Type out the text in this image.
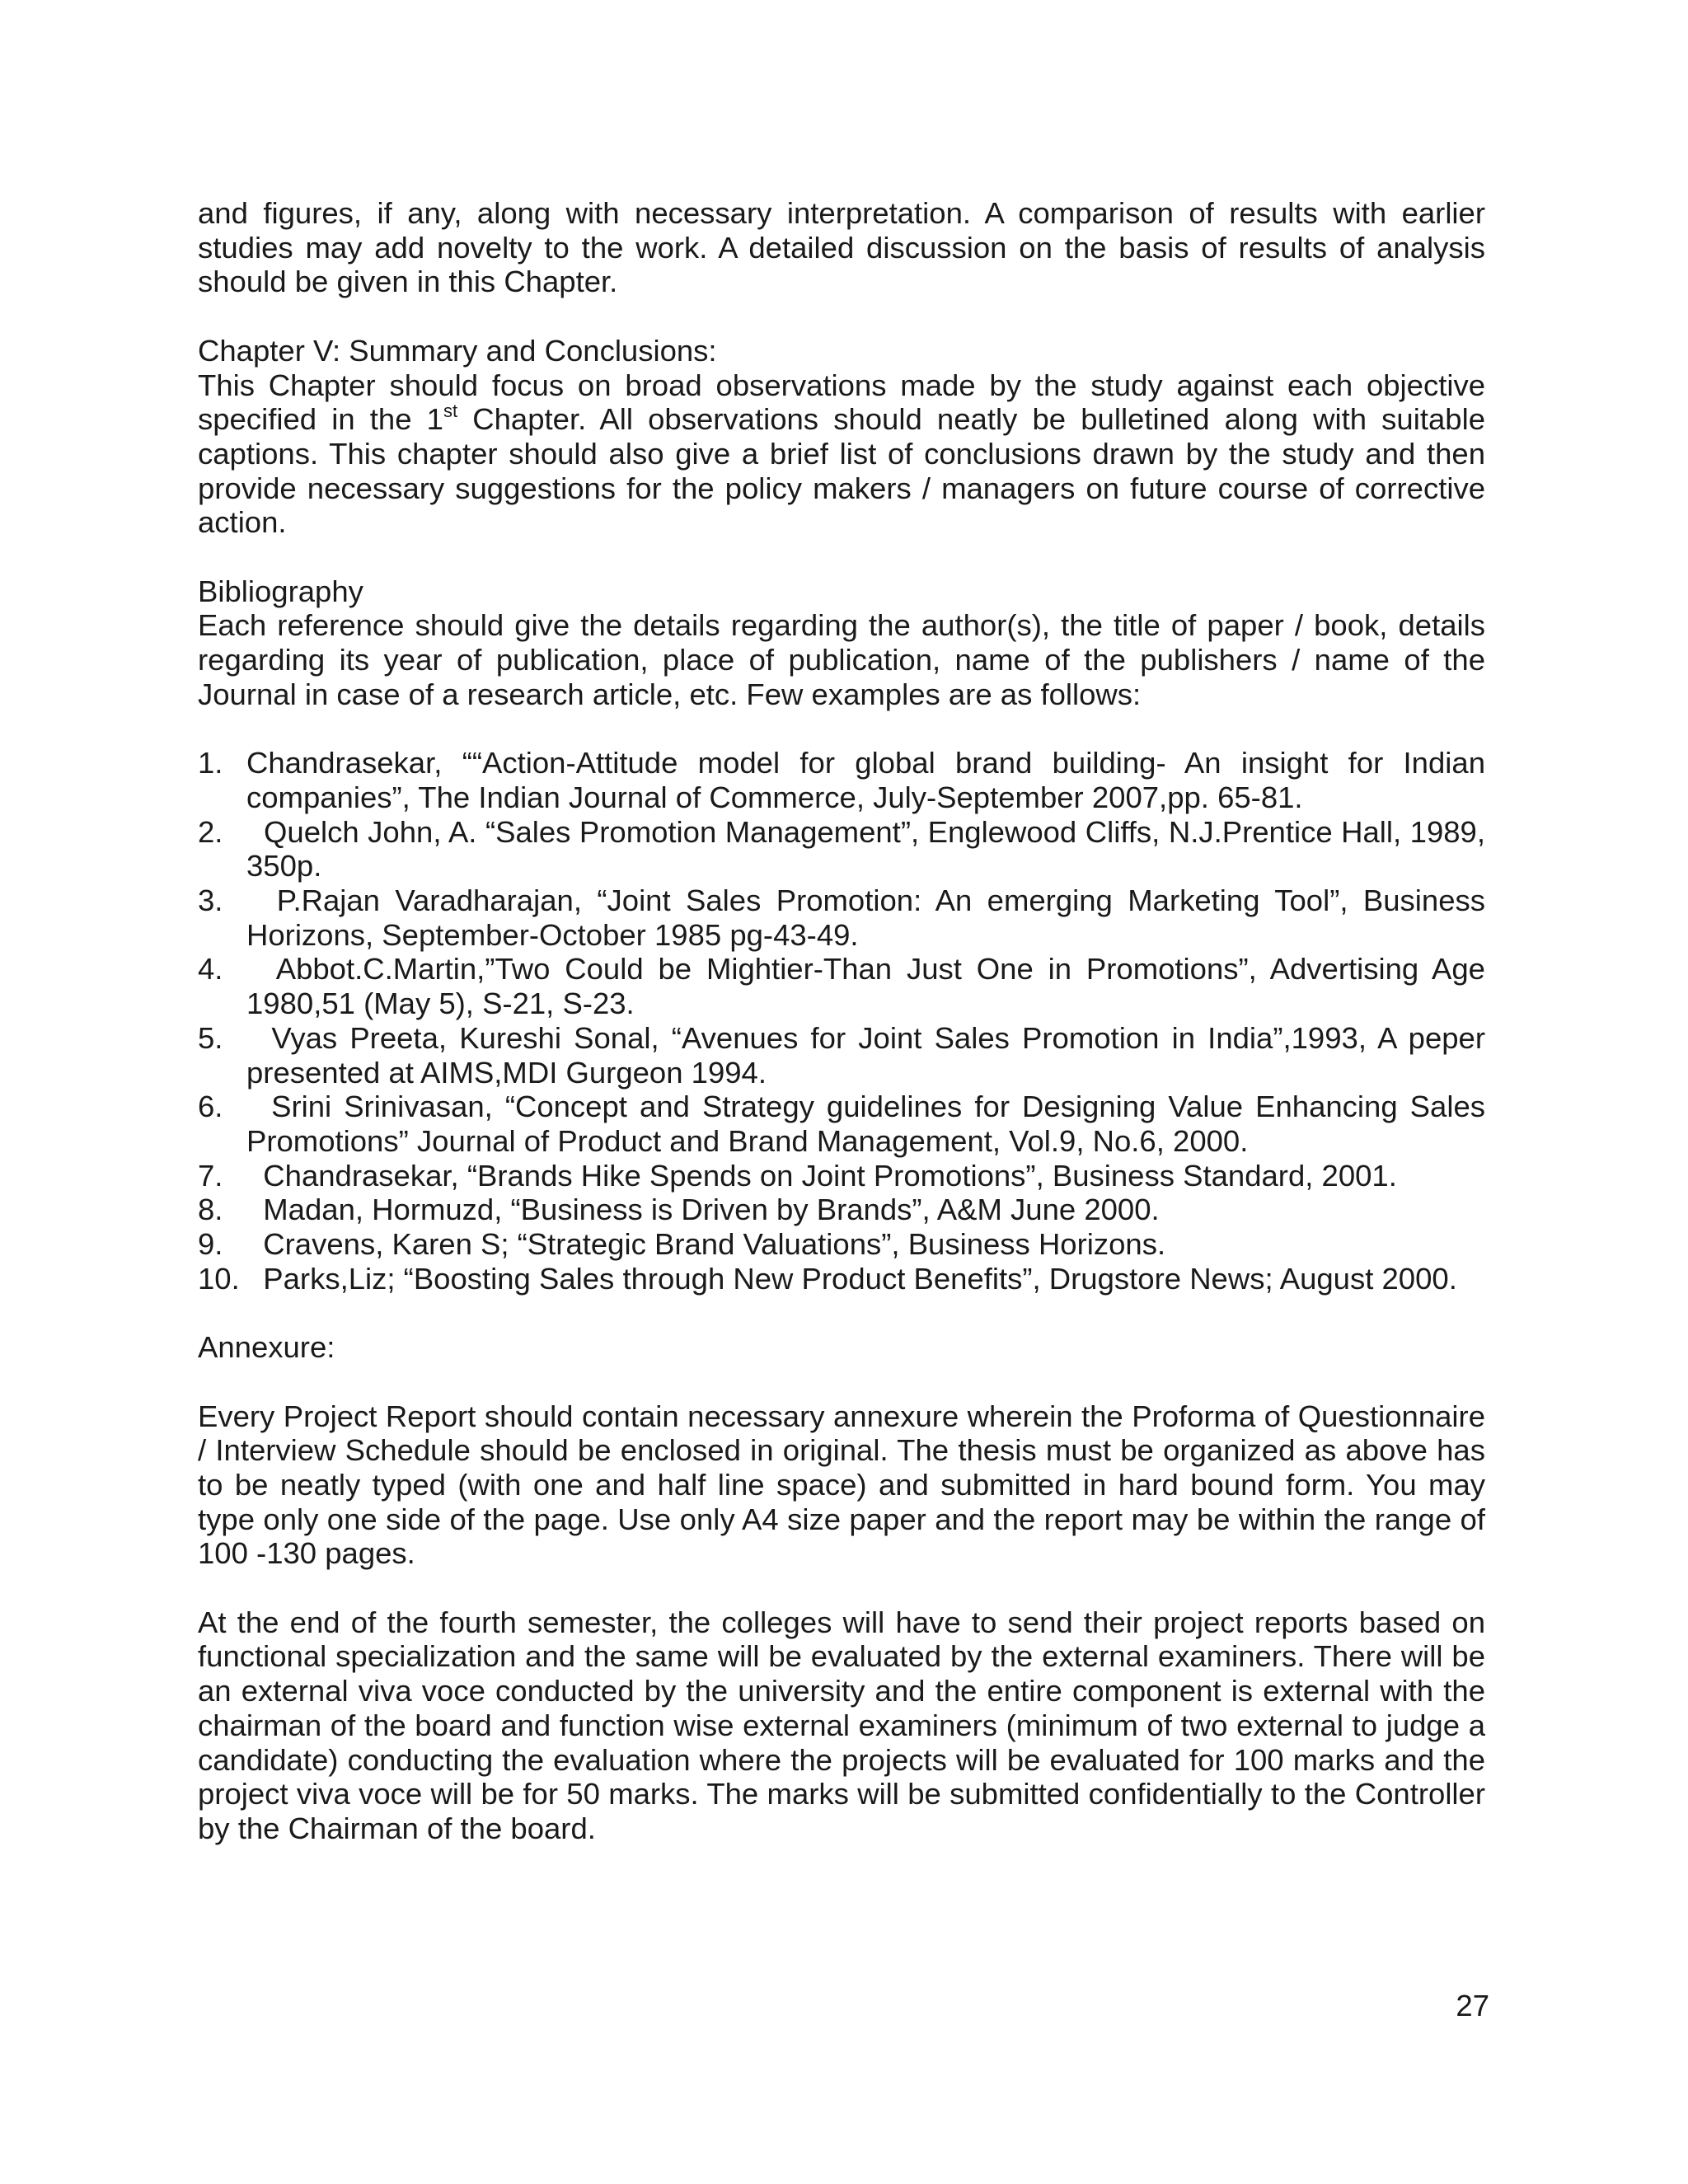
and figures, if any, along with necessary interpretation. A comparison of results with earlier studies may add novelty to the work. A detailed discussion on the basis of results of analysis should be given in this Chapter.

Chapter V: Summary and Conclusions:

This Chapter should focus on broad observations made by the study against each objective specified in the 1st Chapter. All observations should neatly be bulletined along with suitable captions. This chapter should also give a brief list of conclusions drawn by the study and then provide necessary suggestions for the policy makers / managers on future course of corrective action.

Bibliography

Each reference should give the details regarding the author(s), the title of paper / book, details regarding its year of publication, place of publication, name of the publishers / name of the Journal in case of a research article, etc. Few examples are as follows:

1. Chandrasekar, ““Action-Attitude model for global brand building- An insight for Indian companies”, The Indian Journal of Commerce, July-September 2007,pp. 65-81.
2. Quelch John, A. “Sales Promotion Management”, Englewood Cliffs, N.J.Prentice Hall, 1989, 350p.
3. P.Rajan Varadharajan, “Joint Sales Promotion: An emerging Marketing Tool”, Business Horizons, September-October 1985 pg-43-49.
4. Abbot.C.Martin,”Two Could be Mightier-Than Just One in Promotions”, Advertising Age 1980,51 (May 5), S-21, S-23.
5. Vyas Preeta, Kureshi Sonal, “Avenues for Joint Sales Promotion in India”,1993, A peper presented at AIMS,MDI Gurgeon 1994.
6. Srini Srinivasan, “Concept and Strategy guidelines for Designing Value Enhancing Sales Promotions” Journal of Product and Brand Management, Vol.9, No.6, 2000.
7. Chandrasekar, “Brands Hike Spends on Joint Promotions”, Business Standard, 2001.
8. Madan, Hormuzd, “Business is Driven by Brands”, A&M June 2000.
9. Cravens, Karen S; “Strategic Brand Valuations”, Business Horizons.
10. Parks,Liz; “Boosting Sales through New Product Benefits”, Drugstore News; August 2000.

Annexure:

Every Project Report should contain necessary annexure wherein the Proforma of Questionnaire / Interview Schedule should be enclosed in original. The thesis must be organized as above has to be neatly typed (with one and half line space) and submitted in hard bound form. You may type only one side of the page. Use only A4 size paper and the report may be within the range of 100 -130 pages.

At the end of the fourth semester, the colleges will have to send their project reports based on functional specialization and the same will be evaluated by the external examiners. There will be an external viva voce conducted by the university and the entire component is external with the chairman of the board and function wise external examiners (minimum of two external to judge a candidate) conducting the evaluation where the projects will be evaluated for 100 marks and the project viva voce will be for 50 marks. The marks will be submitted confidentially to the Controller by the Chairman of the board.

27
